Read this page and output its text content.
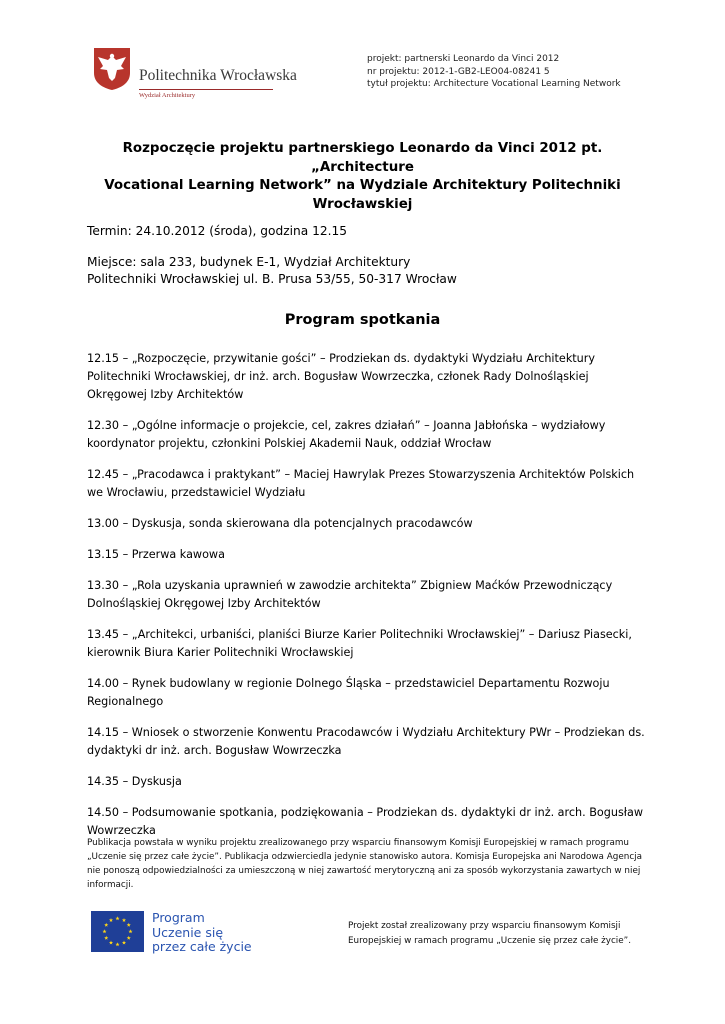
Politechnika Wrocławska
Wydział Architektury
projekt: partnerski Leonardo da Vinci 2012
nr projektu: 2012-1-GB2-LEO04-08241 5
tytuł projektu: Architecture Vocational Learning Network
Rozpoczęcie projektu partnerskiego Leonardo da Vinci 2012 pt. „Architecture
Vocational Learning Network” na Wydziale Architektury Politechniki
Wrocławskiej
Termin: 24.10.2012 (środa), godzina 12.15
Miejsce: sala 233, budynek E-1, Wydział Architektury
Politechniki Wrocławskiej ul. B. Prusa 53/55, 50-317 Wrocław
Program spotkania

12.15 – „Rozpoczęcie, przywitanie gości” – Prodziekan ds. dydaktyki Wydziału Architektury Politechniki Wrocławskiej, dr inż. arch. Bogusław Wowrzeczka, członek Rady Dolnośląskiej Okręgowej Izby Architektów

12.30 – „Ogólne informacje o projekcie, cel, zakres działań” – Joanna Jabłońska – wydziałowy koordynator projektu, członkini Polskiej Akademii Nauk, oddział Wrocław

12.45 – „Pracodawca i praktykant” – Maciej Hawrylak Prezes Stowarzyszenia Architektów Polskich we Wrocławiu, przedstawiciel Wydziału

13.00 – Dyskusja, sonda skierowana dla potencjalnych pracodawców

13.15 – Przerwa kawowa

13.30 – „Rola uzyskania uprawnień w zawodzie architekta” Zbigniew Maćków Przewodniczący Dolnośląskiej Okręgowej Izby Architektów

13.45 – „Architekci, urbaniści, planiści Biurze Karier Politechniki Wrocławskiej” – Dariusz Piasecki, kierownik Biura Karier Politechniki Wrocławskiej

14.00 – Rynek budowlany w regionie Dolnego Śląska – przedstawiciel Departamentu Rozwoju Regionalnego

14.15 – Wniosek o stworzenie Konwentu Pracodawców i Wydziału Architektury PWr – Prodziekan ds. dydaktyki dr inż. arch. Bogusław Wowrzeczka

14.35 – Dyskusja

14.50 – Podsumowanie spotkania, podziękowania – Prodziekan ds. dydaktyki dr inż. arch. Bogusław Wowrzeczka

Publikacja powstała w wyniku projektu zrealizowanego przy wsparciu finansowym Komisji Europejskiej w ramach programu „Uczenie się przez całe życie”. Publikacja odzwierciedla jedynie stanowisko autora. Komisja Europejska ani Narodowa Agencja nie ponoszą odpowiedzialności za umieszczoną w niej zawartość merytoryczną ani za sposób wykorzystania zawartych w niej informacji.
Program
Uczenie się
przez całe życie
Projekt został zrealizowany przy wsparciu finansowym Komisji
Europejskiej w ramach programu „Uczenie się przez całe życie”.
